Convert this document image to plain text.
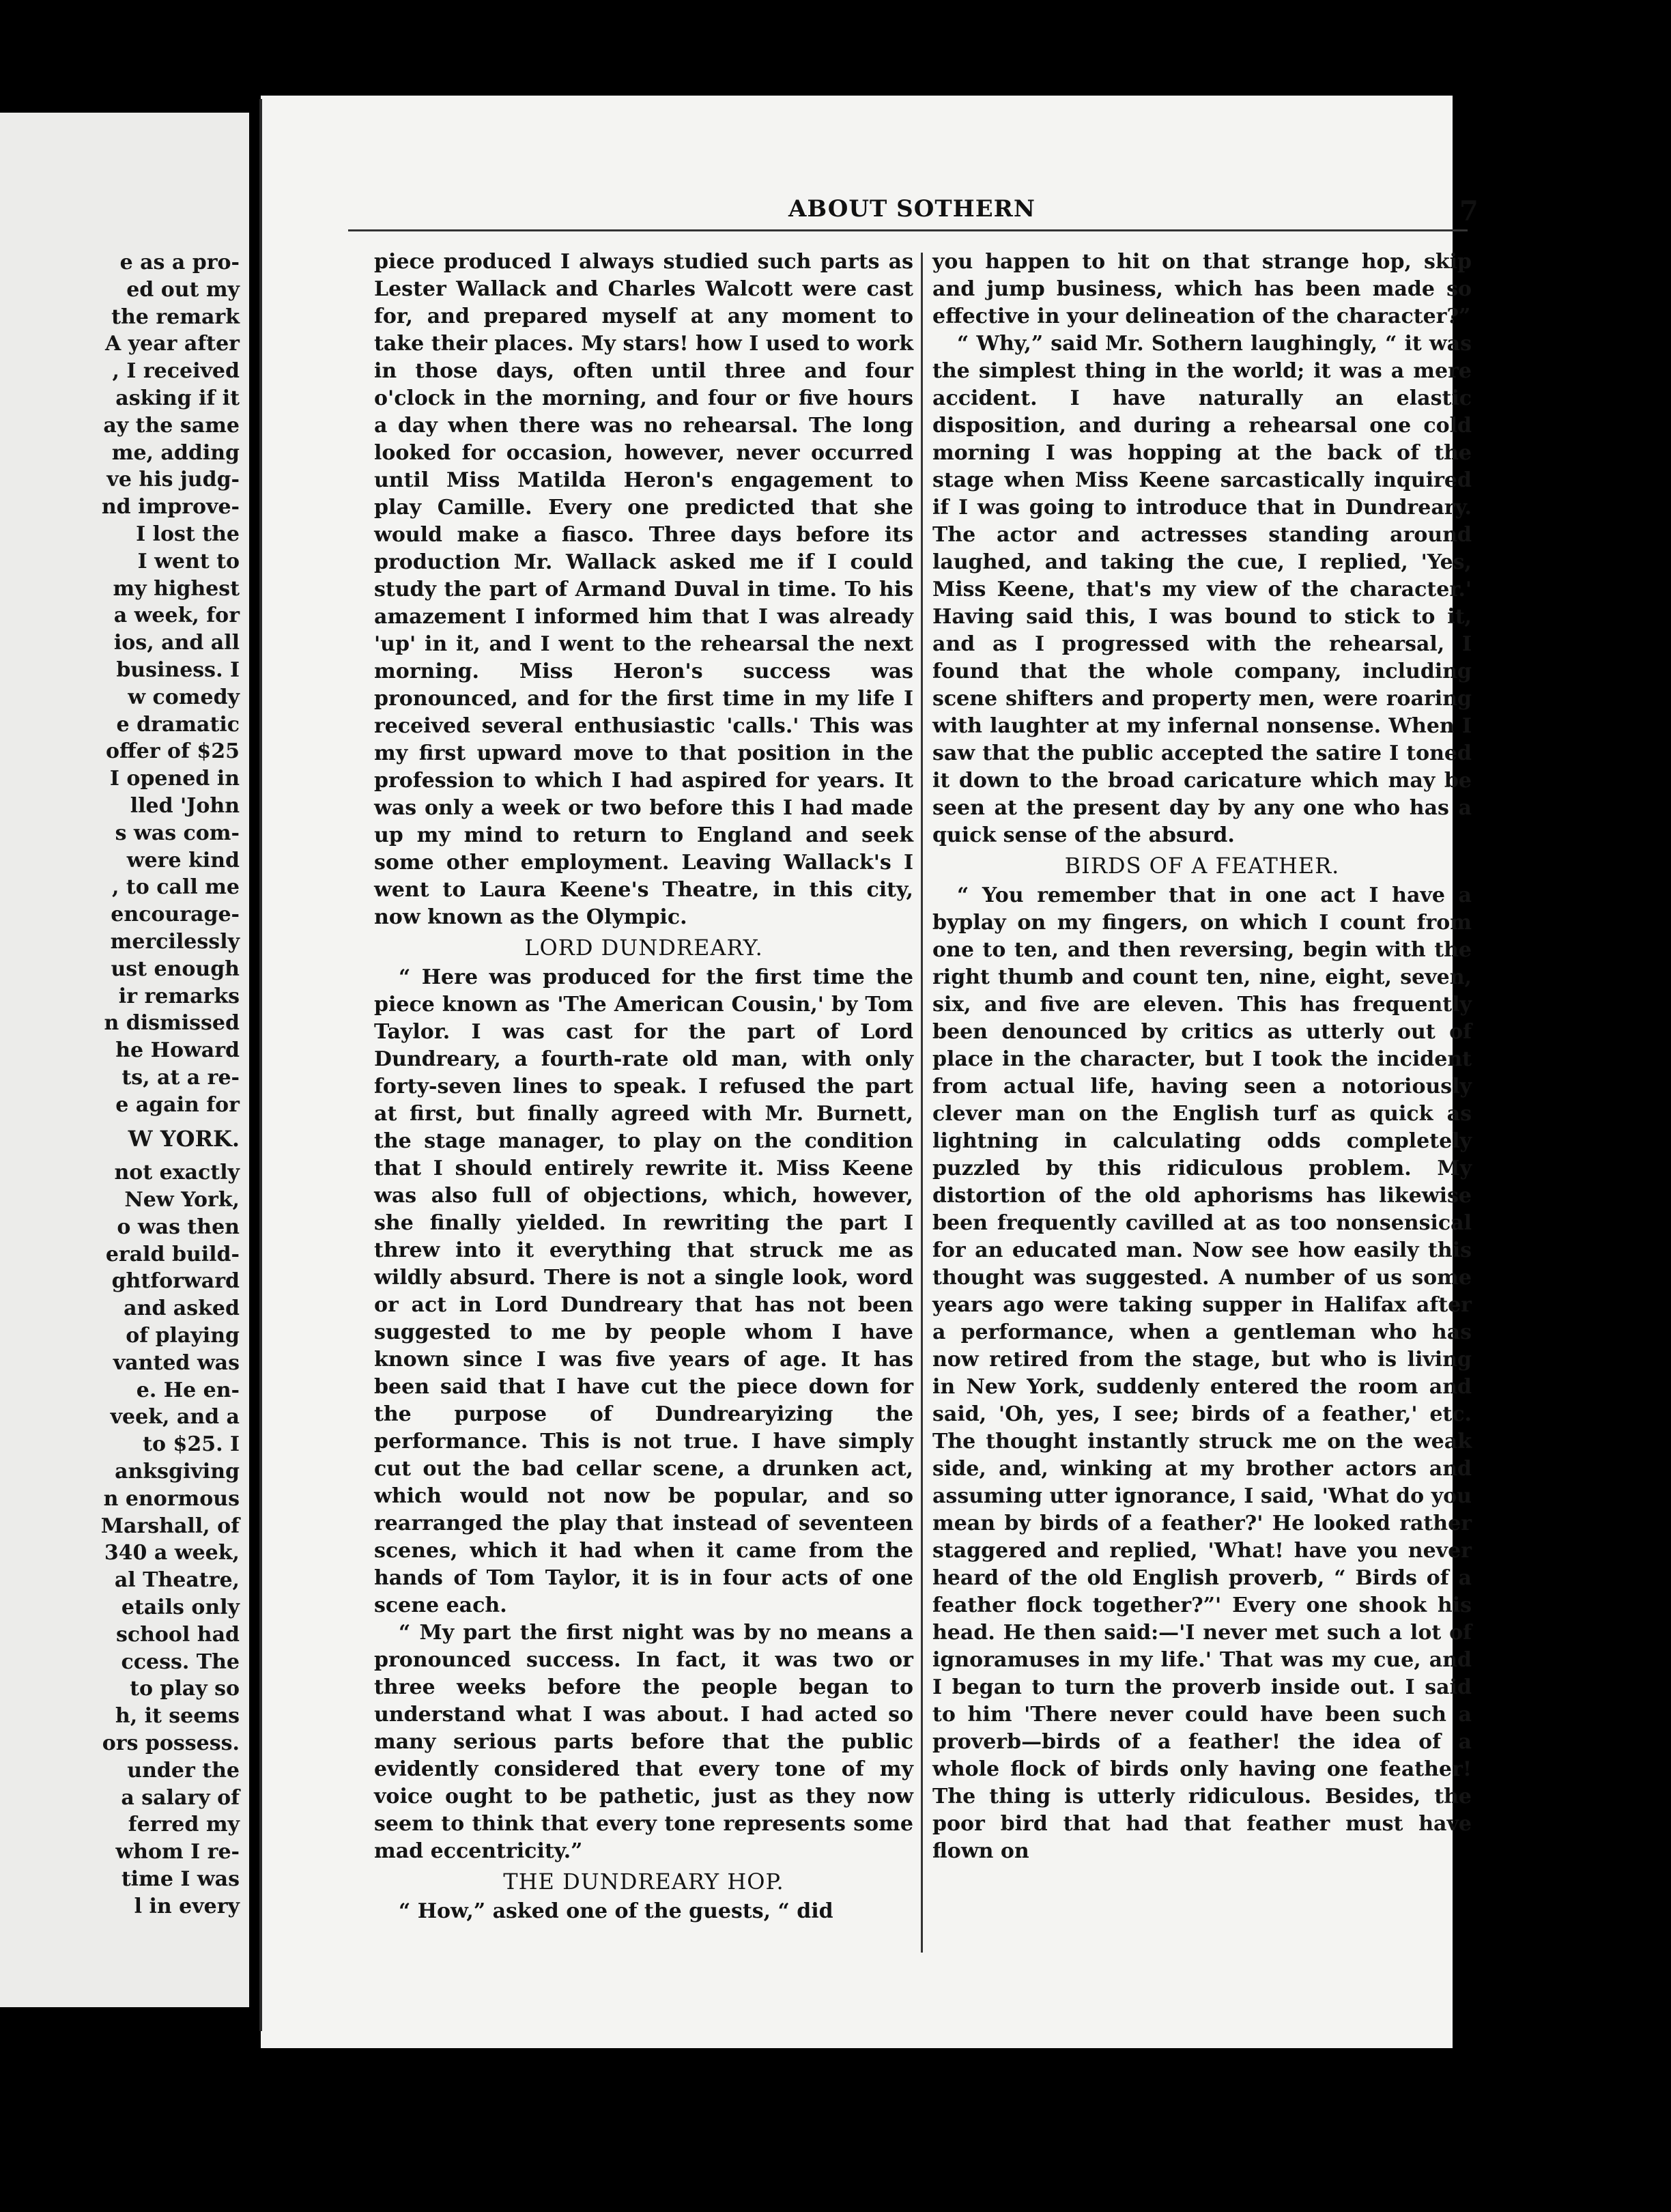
e as a pro-
ed out my
the remark
A year after
, I received
asking if it
ay the same
me, adding
ve his judg-
nd improve-
I lost the
I went to
my highest
a week, for
ios, and all
business. I
w comedy
e dramatic
offer of $25
I opened in
lled 'John
s was com-
were kind
, to call me
encourage-
mercilessly
ust enough
ir remarks
n dismissed
he Howard
ts, at a re-
e again for
W YORK.
not exactly
New York,
o was then
erald build-
ghtforward
and asked
of playing
vanted was
e. He en-
veek, and a
to $25. I
anksgiving
n enormous
Marshall, of
340 a week,
al Theatre,
etails only
school had
ccess. The
to play so
h, it seems
ors possess.
under the
a salary of
ferred my
whom I re-
time I was
l in every
ABOUT SOTHERN	7

piece produced I always studied such parts as Lester Wallack and Charles Walcott were cast for, and prepared myself at any moment to take their places. My stars! how I used to work in those days, often until three and four o'clock in the morning, and four or five hours a day when there was no rehearsal. The long looked for occasion, however, never occurred until Miss Matilda Heron's engagement to play Camille. Every one predicted that she would make a fiasco. Three days before its production Mr. Wallack asked me if I could study the part of Armand Duval in time. To his amazement I informed him that I was already 'up' in it, and I went to the rehearsal the next morning. Miss Heron's success was pronounced, and for the first time in my life I received several enthusiastic 'calls.' This was my first upward move to that position in the profession to which I had aspired for years. It was only a week or two before this I had made up my mind to return to England and seek some other employment. Leaving Wallack's I went to Laura Keene's Theatre, in this city, now known as the Olympic.

LORD DUNDREARY.

“ Here was produced for the first time the piece known as 'The American Cousin,' by Tom Taylor. I was cast for the part of Lord Dundreary, a fourth-rate old man, with only forty-seven lines to speak. I refused the part at first, but finally agreed with Mr. Burnett, the stage manager, to play on the condition that I should entirely rewrite it. Miss Keene was also full of objections, which, however, she finally yielded. In rewriting the part I threw into it everything that struck me as wildly absurd. There is not a single look, word or act in Lord Dundreary that has not been suggested to me by people whom I have known since I was five years of age. It has been said that I have cut the piece down for the purpose of Dundrearyizing the performance. This is not true. I have simply cut out the bad cellar scene, a drunken act, which would not now be popular, and so rearranged the play that instead of seventeen scenes, which it had when it came from the hands of Tom Taylor, it is in four acts of one scene each.

“ My part the first night was by no means a pronounced success. In fact, it was two or three weeks before the people began to understand what I was about. I had acted so many serious parts before that the public evidently considered that every tone of my voice ought to be pathetic, just as they now seem to think that every tone represents some mad eccentricity.”

THE DUNDREARY HOP.

“ How,” asked one of the guests, “ did

you happen to hit on that strange hop, skip and jump business, which has been made so effective in your delineation of the character?”

“ Why,” said Mr. Sothern laughingly, “ it was the simplest thing in the world; it was a mere accident. I have naturally an elastic disposition, and during a rehearsal one cold morning I was hopping at the back of the stage when Miss Keene sarcastically inquired if I was going to introduce that in Dundreary. The actor and actresses standing around laughed, and taking the cue, I replied, 'Yes, Miss Keene, that's my view of the character.' Having said this, I was bound to stick to it, and as I progressed with the rehearsal, I found that the whole company, including scene shifters and property men, were roaring with laughter at my infernal nonsense. When I saw that the public accepted the satire I toned it down to the broad caricature which may be seen at the present day by any one who has a quick sense of the absurd.

BIRDS OF A FEATHER.

“ You remember that in one act I have a byplay on my fingers, on which I count from one to ten, and then reversing, begin with the right thumb and count ten, nine, eight, seven, six, and five are eleven. This has frequently been denounced by critics as utterly out of place in the character, but I took the incident from actual life, having seen a notoriously clever man on the English turf as quick as lightning in calculating odds completely puzzled by this ridiculous problem. My distortion of the old aphorisms has likewise been frequently cavilled at as too nonsensical for an educated man. Now see how easily this thought was suggested. A number of us some years ago were taking supper in Halifax after a performance, when a gentleman who has now retired from the stage, but who is living in New York, suddenly entered the room and said, 'Oh, yes, I see; birds of a feather,' etc. The thought instantly struck me on the weak side, and, winking at my brother actors and assuming utter ignorance, I said, 'What do you mean by birds of a feather?' He looked rather staggered and replied, 'What! have you never heard of the old English proverb, “ Birds of a feather flock together?”' Every one shook his head. He then said:—'I never met such a lot of ignoramuses in my life.' That was my cue, and I began to turn the proverb inside out. I said to him 'There never could have been such a proverb—birds of a feather! the idea of a whole flock of birds only having one feather! The thing is utterly ridiculous. Besides, the poor bird that had that feather must have flown on
